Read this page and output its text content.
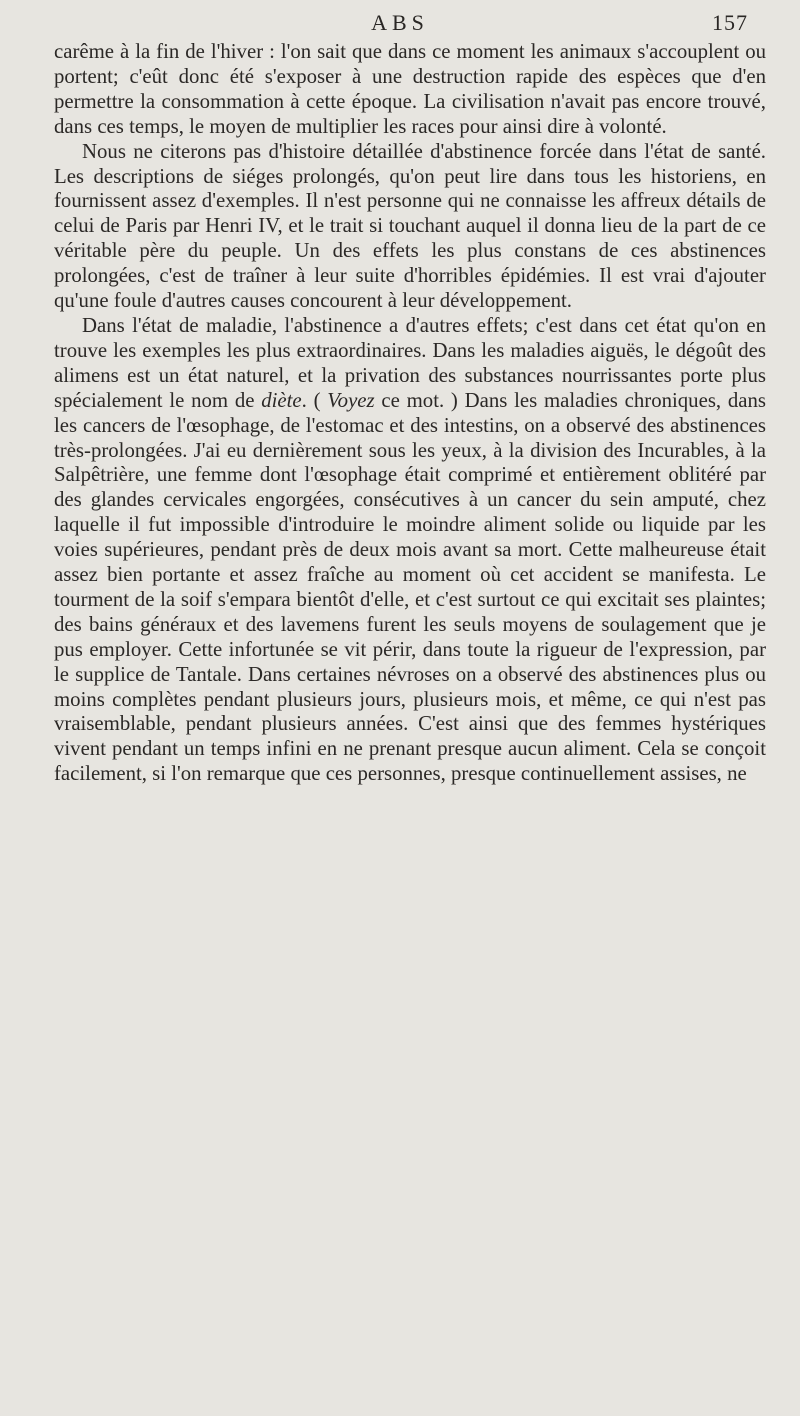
ABS	157

carême à la fin de l'hiver : l'on sait que dans ce moment les animaux s'accouplent ou portent; c'eût donc été s'exposer à une destruction rapide des espèces que d'en permettre la consommation à cette époque. La civilisation n'avait pas encore trouvé, dans ces temps, le moyen de multiplier les races pour ainsi dire à volonté.

Nous ne citerons pas d'histoire détaillée d'abstinence forcée dans l'état de santé. Les descriptions de siéges prolongés, qu'on peut lire dans tous les historiens, en fournissent assez d'exemples. Il n'est personne qui ne connaisse les affreux détails de celui de Paris par Henri IV, et le trait si touchant auquel il donna lieu de la part de ce véritable père du peuple. Un des effets les plus constans de ces abstinences prolongées, c'est de traîner à leur suite d'horribles épidémies. Il est vrai d'ajouter qu'une foule d'autres causes concourent à leur développement.

Dans l'état de maladie, l'abstinence a d'autres effets; c'est dans cet état qu'on en trouve les exemples les plus extraordinaires. Dans les maladies aiguës, le dégoût des alimens est un état naturel, et la privation des substances nourrissantes porte plus spécialement le nom de diète. ( Voyez ce mot. ) Dans les maladies chroniques, dans les cancers de l'œsophage, de l'estomac et des intestins, on a observé des abstinences très-prolongées. J'ai eu dernièrement sous les yeux, à la division des Incurables, à la Salpêtrière, une femme dont l'œsophage était comprimé et entièrement oblitéré par des glandes cervicales engorgées, consécutives à un cancer du sein amputé, chez laquelle il fut impossible d'introduire le moindre aliment solide ou liquide par les voies supérieures, pendant près de deux mois avant sa mort. Cette malheureuse était assez bien portante et assez fraîche au moment où cet accident se manifesta. Le tourment de la soif s'empara bientôt d'elle, et c'est surtout ce qui excitait ses plaintes; des bains généraux et des lavemens furent les seuls moyens de soulagement que je pus employer. Cette infortunée se vit périr, dans toute la rigueur de l'expression, par le supplice de Tantale. Dans certaines névroses on a observé des abstinences plus ou moins complètes pendant plusieurs jours, plusieurs mois, et même, ce qui n'est pas vraisemblable, pendant plusieurs années. C'est ainsi que des femmes hystériques vivent pendant un temps infini en ne prenant presque aucun aliment. Cela se conçoit facilement, si l'on remarque que ces personnes, presque continuellement assises, ne
